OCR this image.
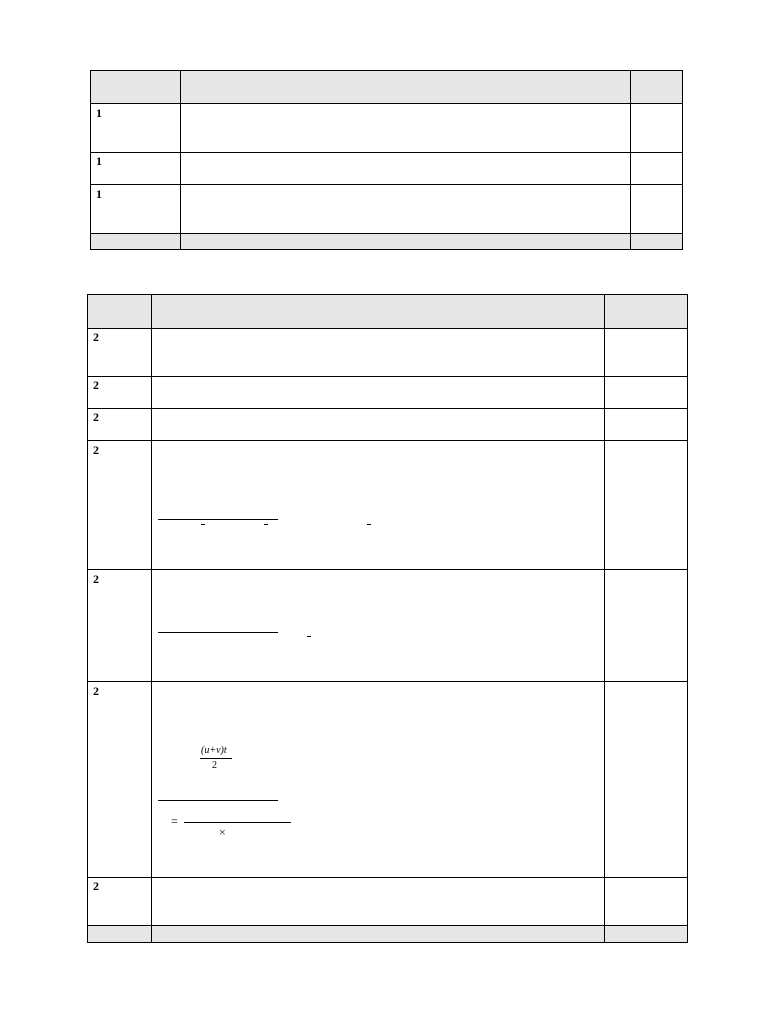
1
1
1
2
2
2
2
2
2
2
(u+v)t
2
=
×
